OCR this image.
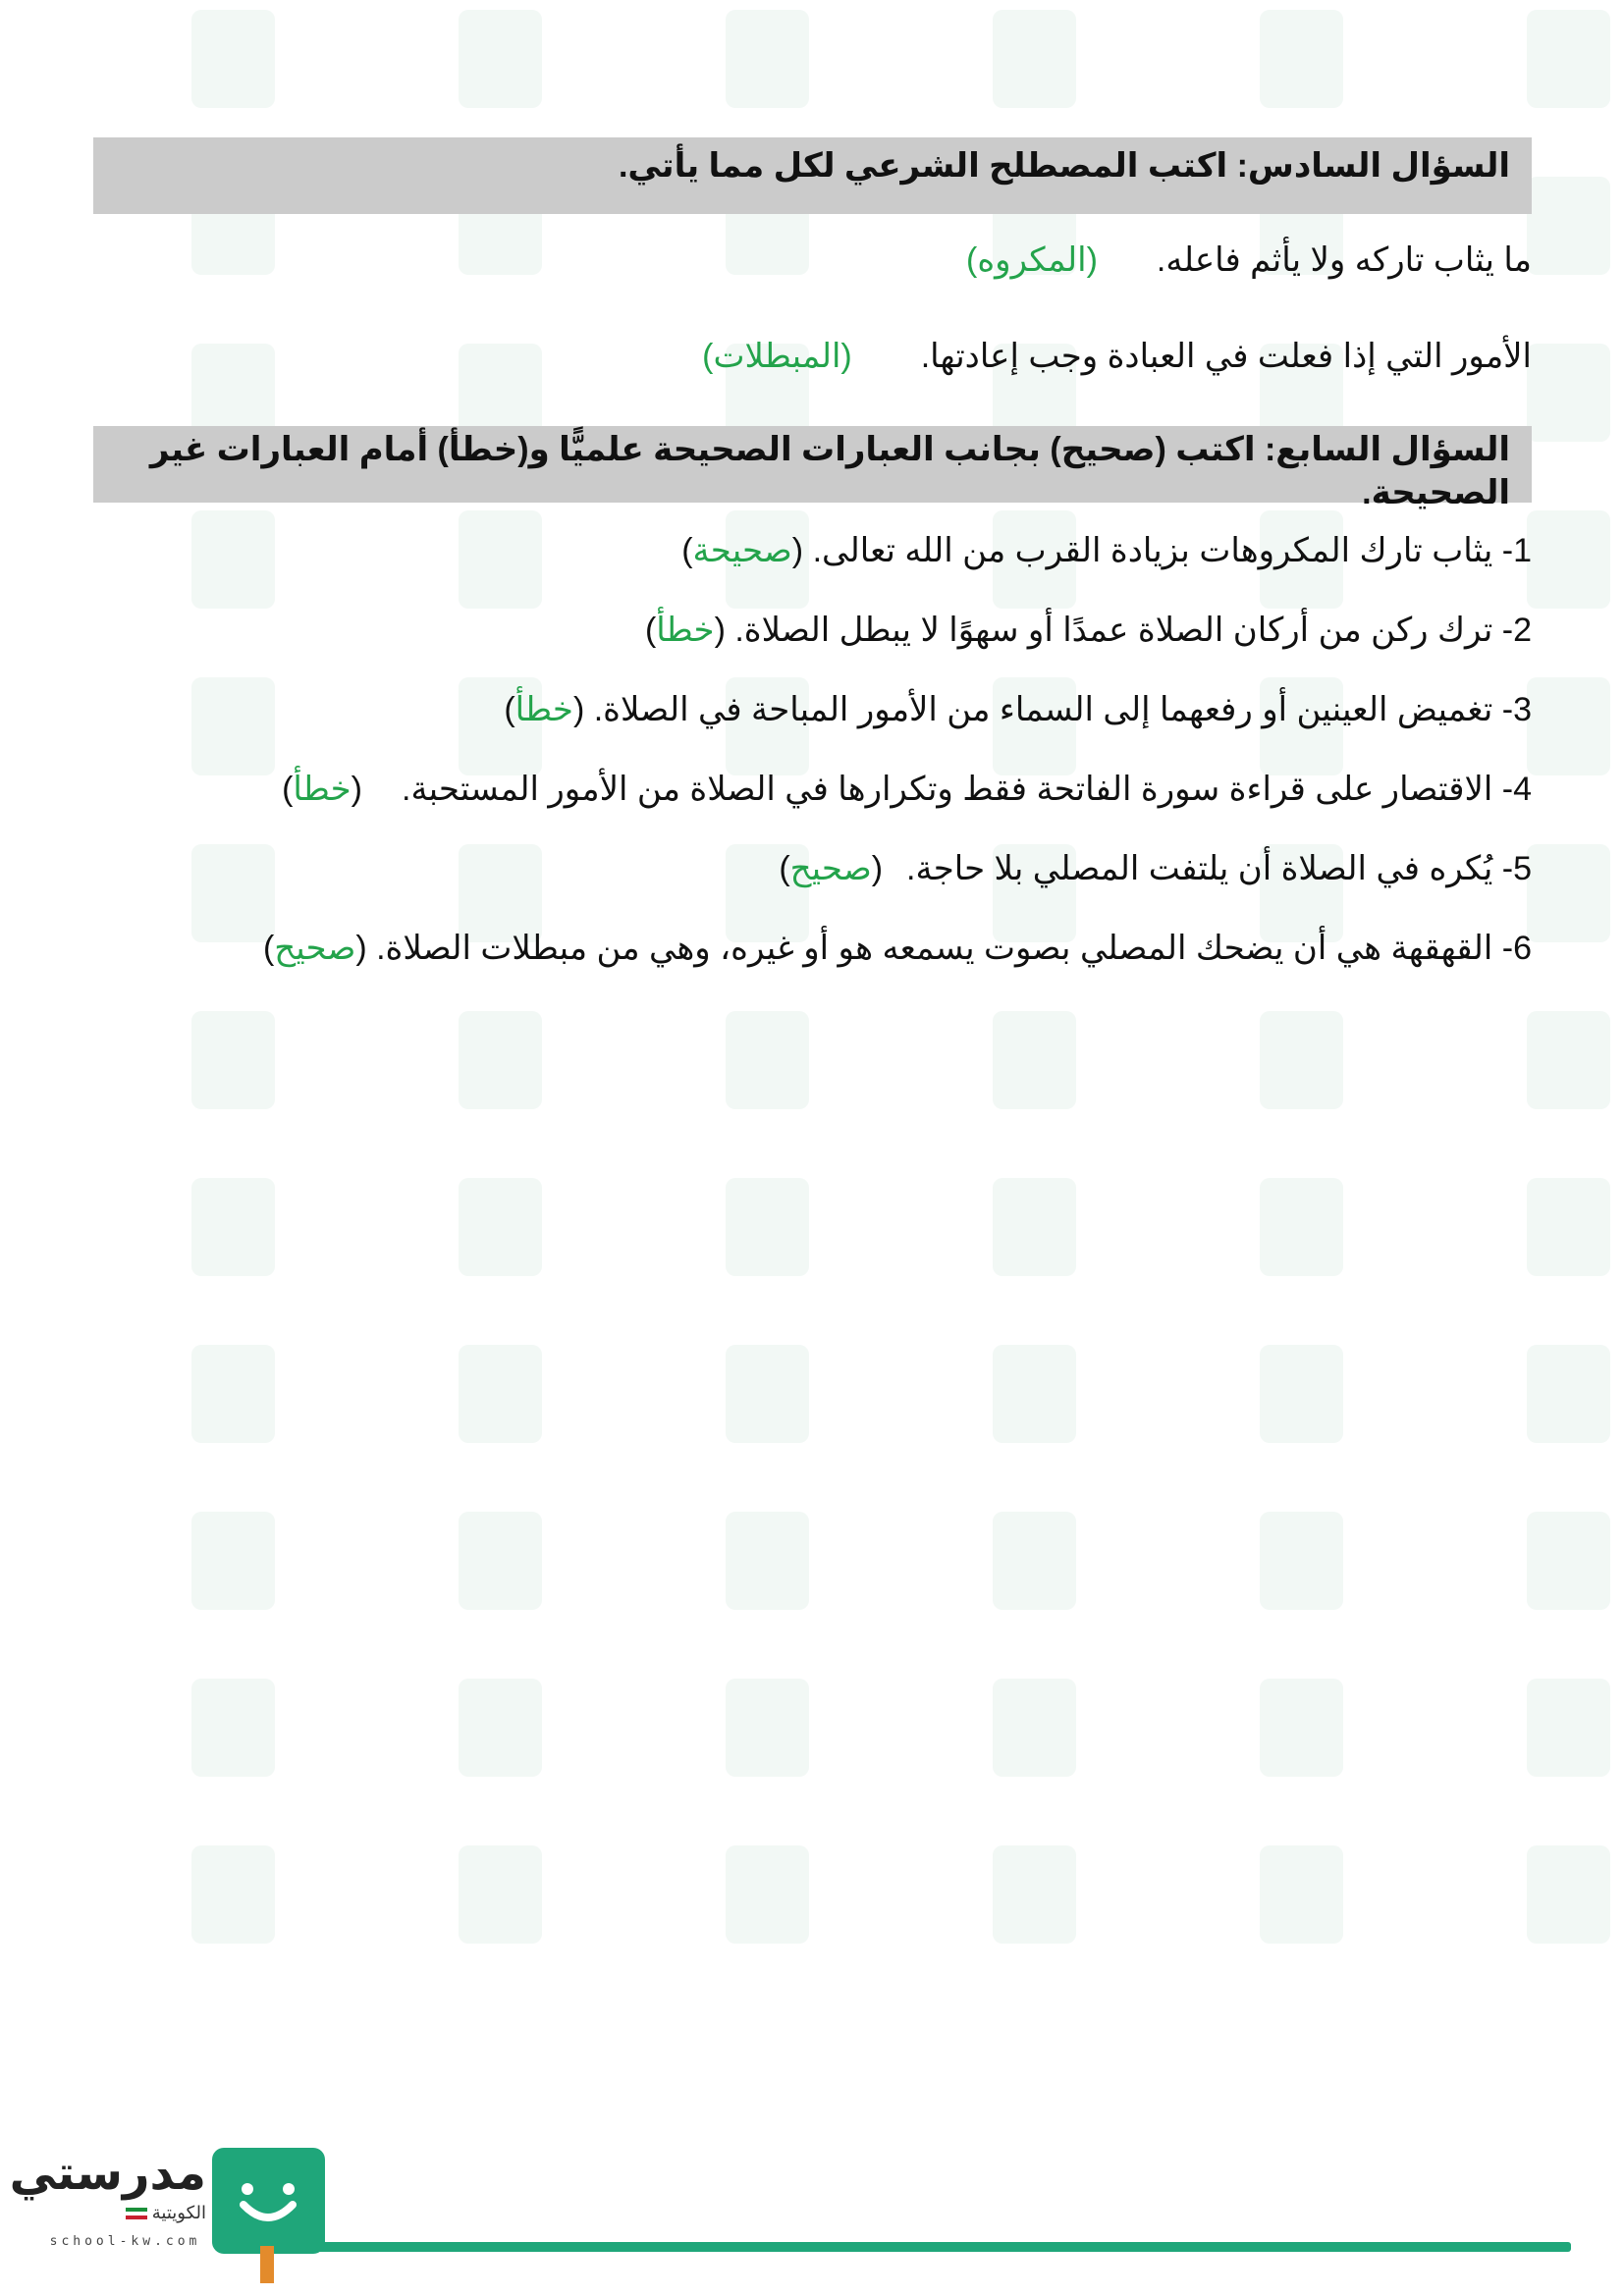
السؤال السادس: اكتب المصطلح الشرعي لكل مما يأتي.
ما يثاب تاركه ولا يأثم فاعله.(المكروه)
الأمور التي إذا فعلت في العبادة وجب إعادتها.(المبطلات)
السؤال السابع: اكتب (صحيح) بجانب العبارات الصحيحة علميًّا و(خطأ) أمام العبارات غير الصحيحة.
1- يثاب تارك المكروهات بزيادة القرب من الله تعالى. (صحيحة)
2- ترك ركن من أركان الصلاة عمدًا أو سهوًا لا يبطل الصلاة. (خطأ)
3- تغميض العينين أو رفعهما إلى السماء من الأمور المباحة في الصلاة. (خطأ)
4- الاقتصار على قراءة سورة الفاتحة فقط وتكرارها في الصلاة من الأمور المستحبة.(خطأ)
5- يُكره في الصلاة أن يلتفت المصلي بلا حاجة.(صحيح)
6- القهقهة هي أن يضحك المصلي بصوت يسمعه هو أو غيره، وهي من مبطلات الصلاة. (صحيح)
مدرستي
الكويتية
school-kw.com
